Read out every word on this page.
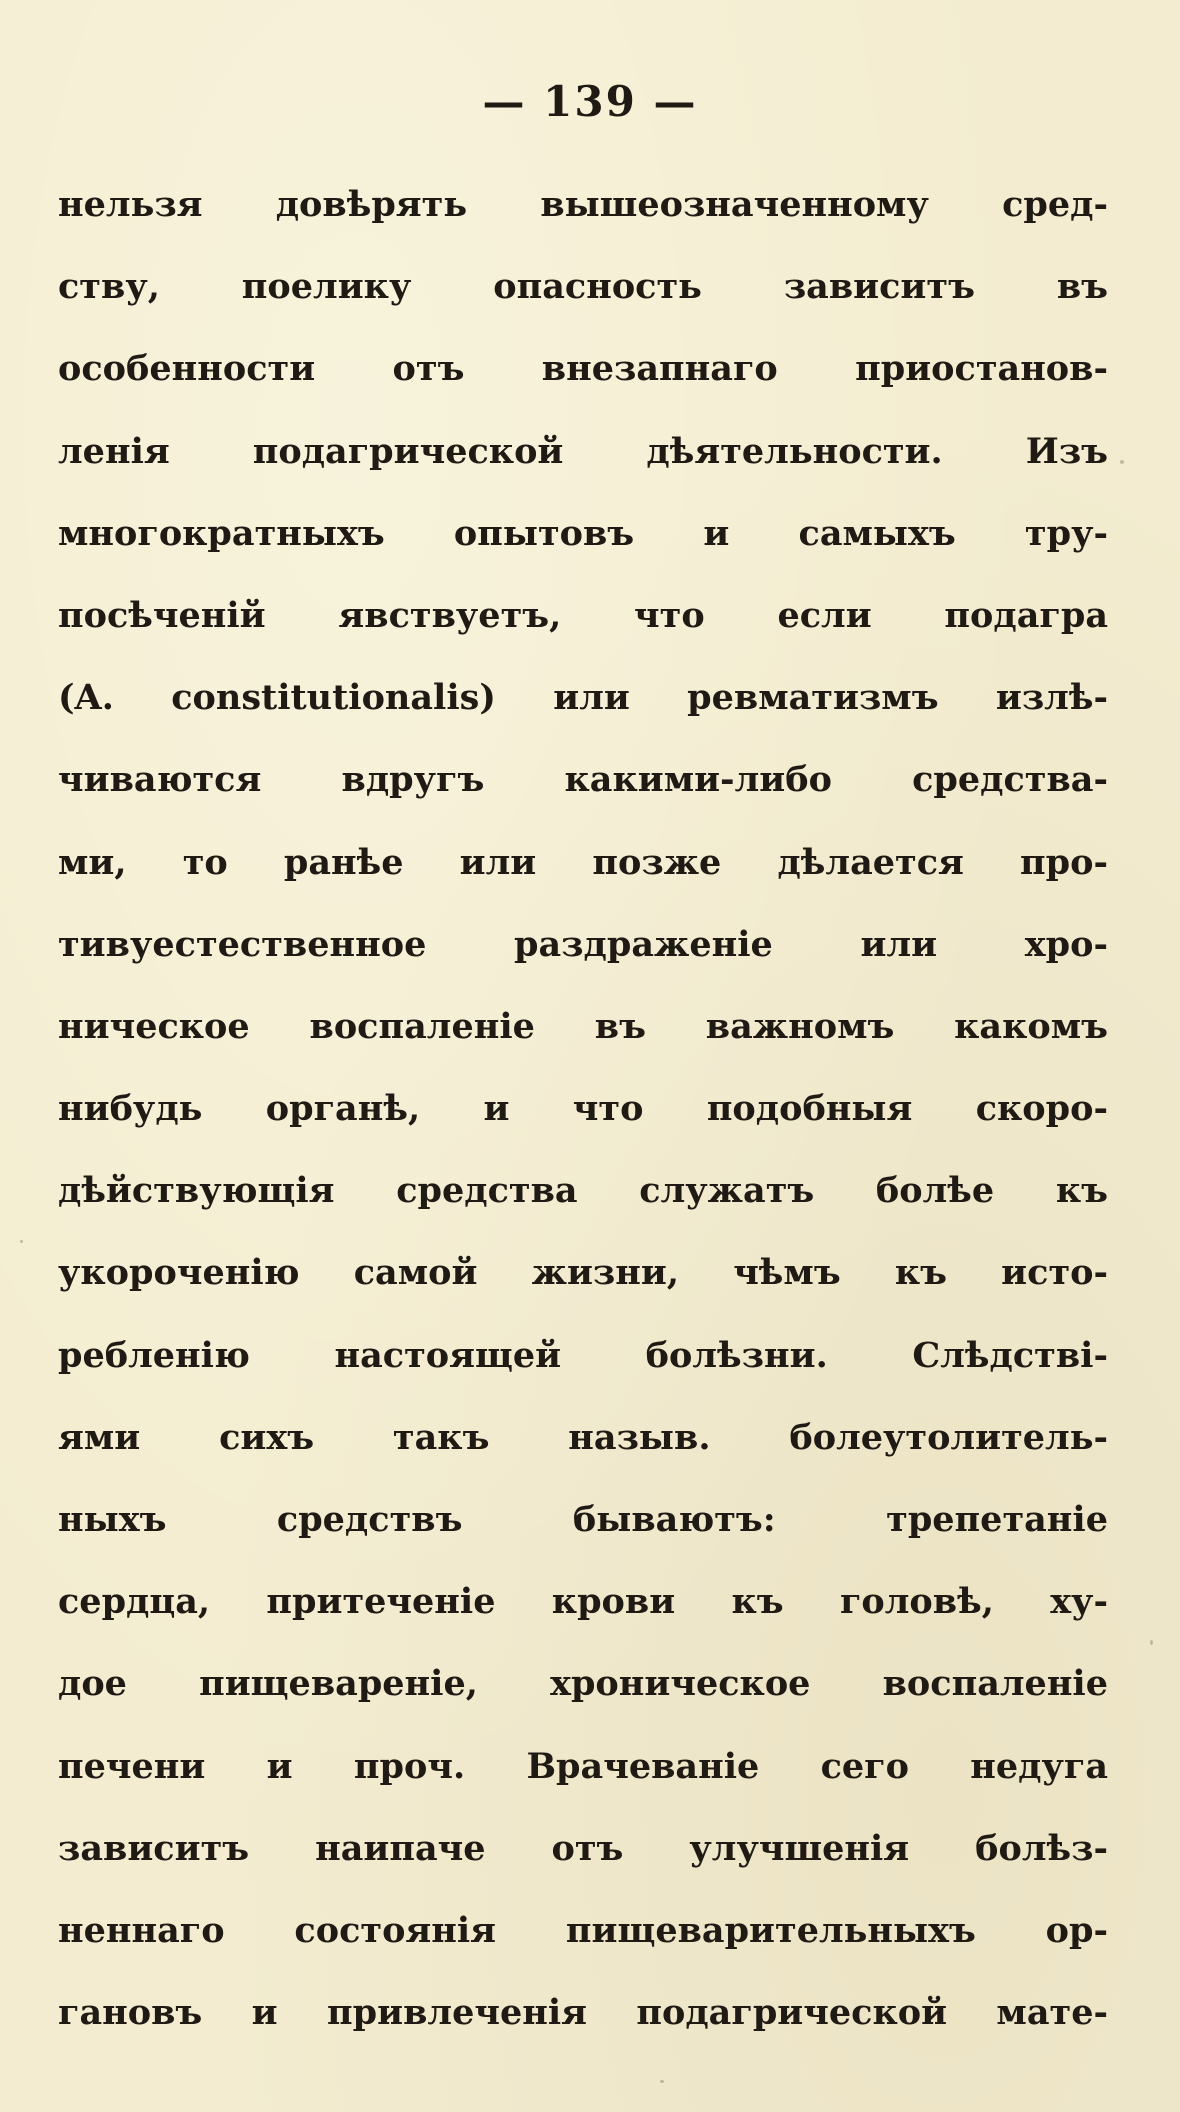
— 139 —
нельзя довѣрять вышеозначенному сред-
ству, поелику опасность зависитъ въ
особенности отъ внезапнаго приостанов-
ленія подагрической дѣятельности. Изъ
многократныхъ опытовъ и самыхъ тру-
посѣченій явствуетъ, что если подагра
(A. constitutionalis) или ревматизмъ излѣ-
чиваются вдругъ какими-либо средства-
ми, то ранѣе или позже дѣлается про-
тивуестественное раздраженіе или хро-
ническое воспаленіе въ важномъ какомъ
нибудь органѣ, и что подобныя скоро-
дѣйствующія средства служатъ болѣе къ
укороченію самой жизни, чѣмъ къ исто-
ребленію настоящей болѣзни. Слѣдстві-
ями сихъ такъ назыв. болеутолитель-
ныхъ средствъ бываютъ: трепетаніе
сердца, притеченіе крови къ головѣ, ху-
дое пищевареніе, хроническое воспаленіе
печени и проч. Врачеваніе сего недуга
зависитъ наипаче отъ улучшенія болѣз-
неннаго состоянія пищеварительныхъ ор-
гановъ и привлеченія подагрической мате-
